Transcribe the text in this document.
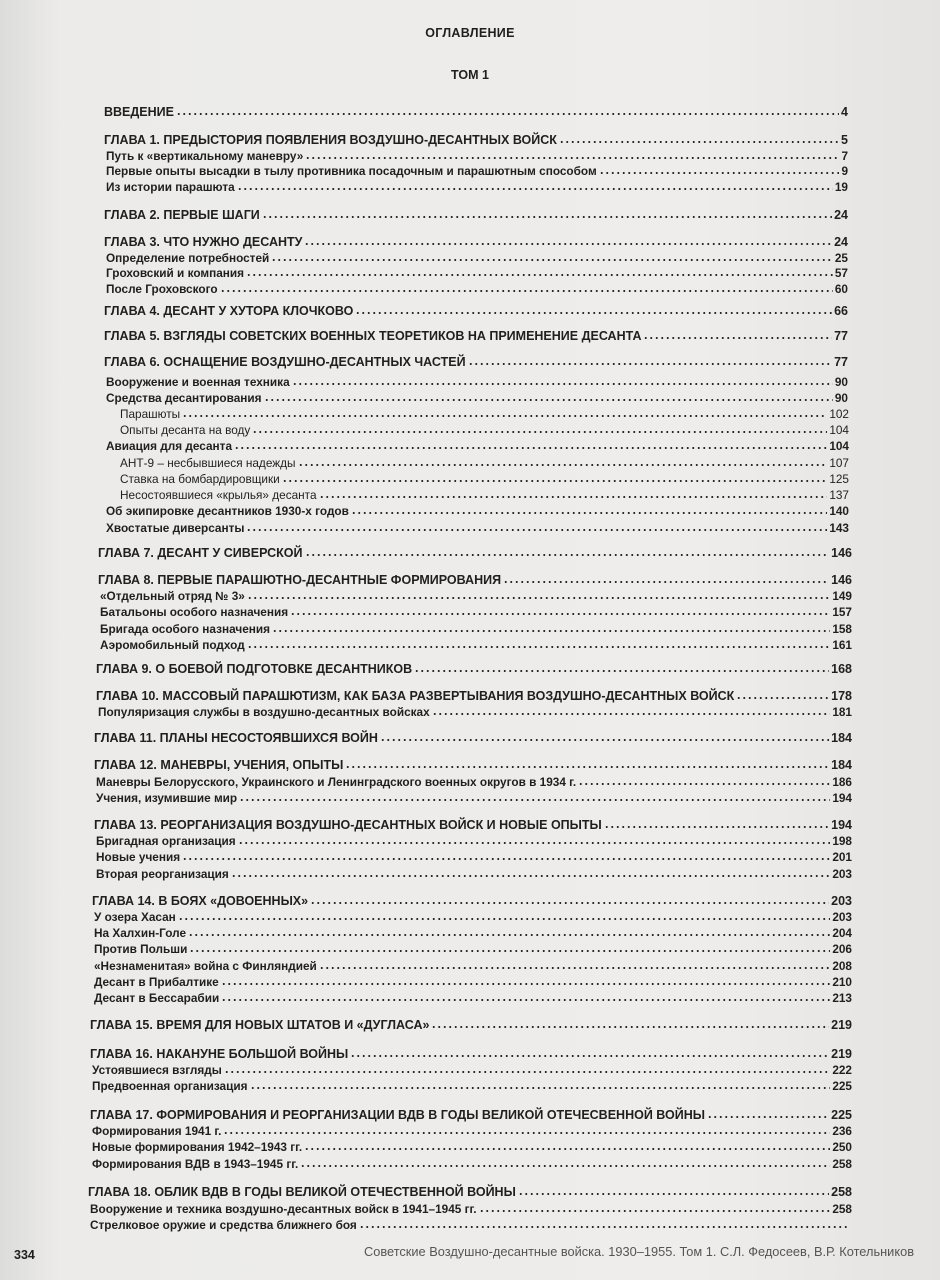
ОГЛАВЛЕНИЕ
ТОМ 1
ВВЕДЕНИЕ	4
ГЛАВА 1. ПРЕДЫСТОРИЯ ПОЯВЛЕНИЯ ВОЗДУШНО-ДЕСАНТНЫХ ВОЙСК	5
Путь к «вертикальному маневру»	7
Первые опыты высадки в тылу противника посадочным и парашютным способом	9
Из истории парашюта	19
ГЛАВА 2. ПЕРВЫЕ ШАГИ	24
ГЛАВА 3. ЧТО НУЖНО ДЕСАНТУ	24
Определение потребностей	25
Гроховский и компания	57
После Гроховского	60
ГЛАВА 4. ДЕСАНТ У ХУТОРА КЛОЧКОВО	66
ГЛАВА 5. ВЗГЛЯДЫ СОВЕТСКИХ ВОЕННЫХ ТЕОРЕТИКОВ НА ПРИМЕНЕНИЕ ДЕСАНТА	77
ГЛАВА 6. ОСНАЩЕНИЕ ВОЗДУШНО-ДЕСАНТНЫХ ЧАСТЕЙ	77
Вооружение и военная техника	90
Средства десантирования	90
Парашюты	102
Опыты десанта на воду	104
Авиация для десанта	104
АНТ-9 – несбывшиеся надежды	107
Ставка на бомбардировщики	125
Несостоявшиеся «крылья» десанта	137
Об экипировке десантников 1930-х годов	140
Хвостатые диверсанты	143
ГЛАВА 7. ДЕСАНТ У СИВЕРСКОЙ	146
ГЛАВА 8. ПЕРВЫЕ ПАРАШЮТНО-ДЕСАНТНЫЕ ФОРМИРОВАНИЯ	146
«Отдельный отряд № 3»	149
Батальоны особого назначения	157
Бригада особого назначения	158
Аэромобильный подход	161
ГЛАВА 9. О БОЕВОЙ ПОДГОТОВКЕ ДЕСАНТНИКОВ	168
ГЛАВА 10. МАССОВЫЙ ПАРАШЮТИЗМ, КАК БАЗА РАЗВЕРТЫВАНИЯ ВОЗДУШНО-ДЕСАНТНЫХ ВОЙСК	178
Популяризация службы в воздушно-десантных войсках	181
ГЛАВА 11. ПЛАНЫ НЕСОСТОЯВШИХСЯ ВОЙН	184
ГЛАВА 12. МАНЕВРЫ, УЧЕНИЯ, ОПЫТЫ	184
Маневры Белорусского, Украинского и Ленинградского военных округов в 1934 г.	186
Учения, изумившие мир	194
ГЛАВА 13. РЕОРГАНИЗАЦИЯ ВОЗДУШНО-ДЕСАНТНЫХ ВОЙСК И НОВЫЕ ОПЫТЫ	194
Бригадная организация	198
Новые учения	201
Вторая реорганизация	203
ГЛАВА 14. В БОЯХ «ДОВОЕННЫХ»	203
У озера Хасан	203
На Халхин-Голе	204
Против Польши	206
«Незнаменитая» война с Финляндией	208
Десант в Прибалтике	210
Десант в Бессарабии	213
ГЛАВА 15. ВРЕМЯ ДЛЯ НОВЫХ ШТАТОВ И «ДУГЛАСА»	219
ГЛАВА 16. НАКАНУНЕ БОЛЬШОЙ ВОЙНЫ	219
Устоявшиеся взгляды	222
Предвоенная организация	225
ГЛАВА 17. ФОРМИРОВАНИЯ И РЕОРГАНИЗАЦИИ ВДВ В ГОДЫ ВЕЛИКОЙ ОТЕЧЕСВЕННОЙ ВОЙНЫ	225
Формирования 1941 г.	236
Новые формирования 1942–1943 гг.	250
Формирования ВДВ в 1943–1945 гг.	258
ГЛАВА 18. ОБЛИК ВДВ В ГОДЫ ВЕЛИКОЙ ОТЕЧЕСТВЕННОЙ ВОЙНЫ	258
Вооружение и техника воздушно-десантных войск в 1941–1945 гг.	258
Стрелковое оружие и средства ближнего боя
334	Советские Воздушно-десантные войска. 1930–1955. Том 1. С.Л. Федосеев, В.Р. Котельников
